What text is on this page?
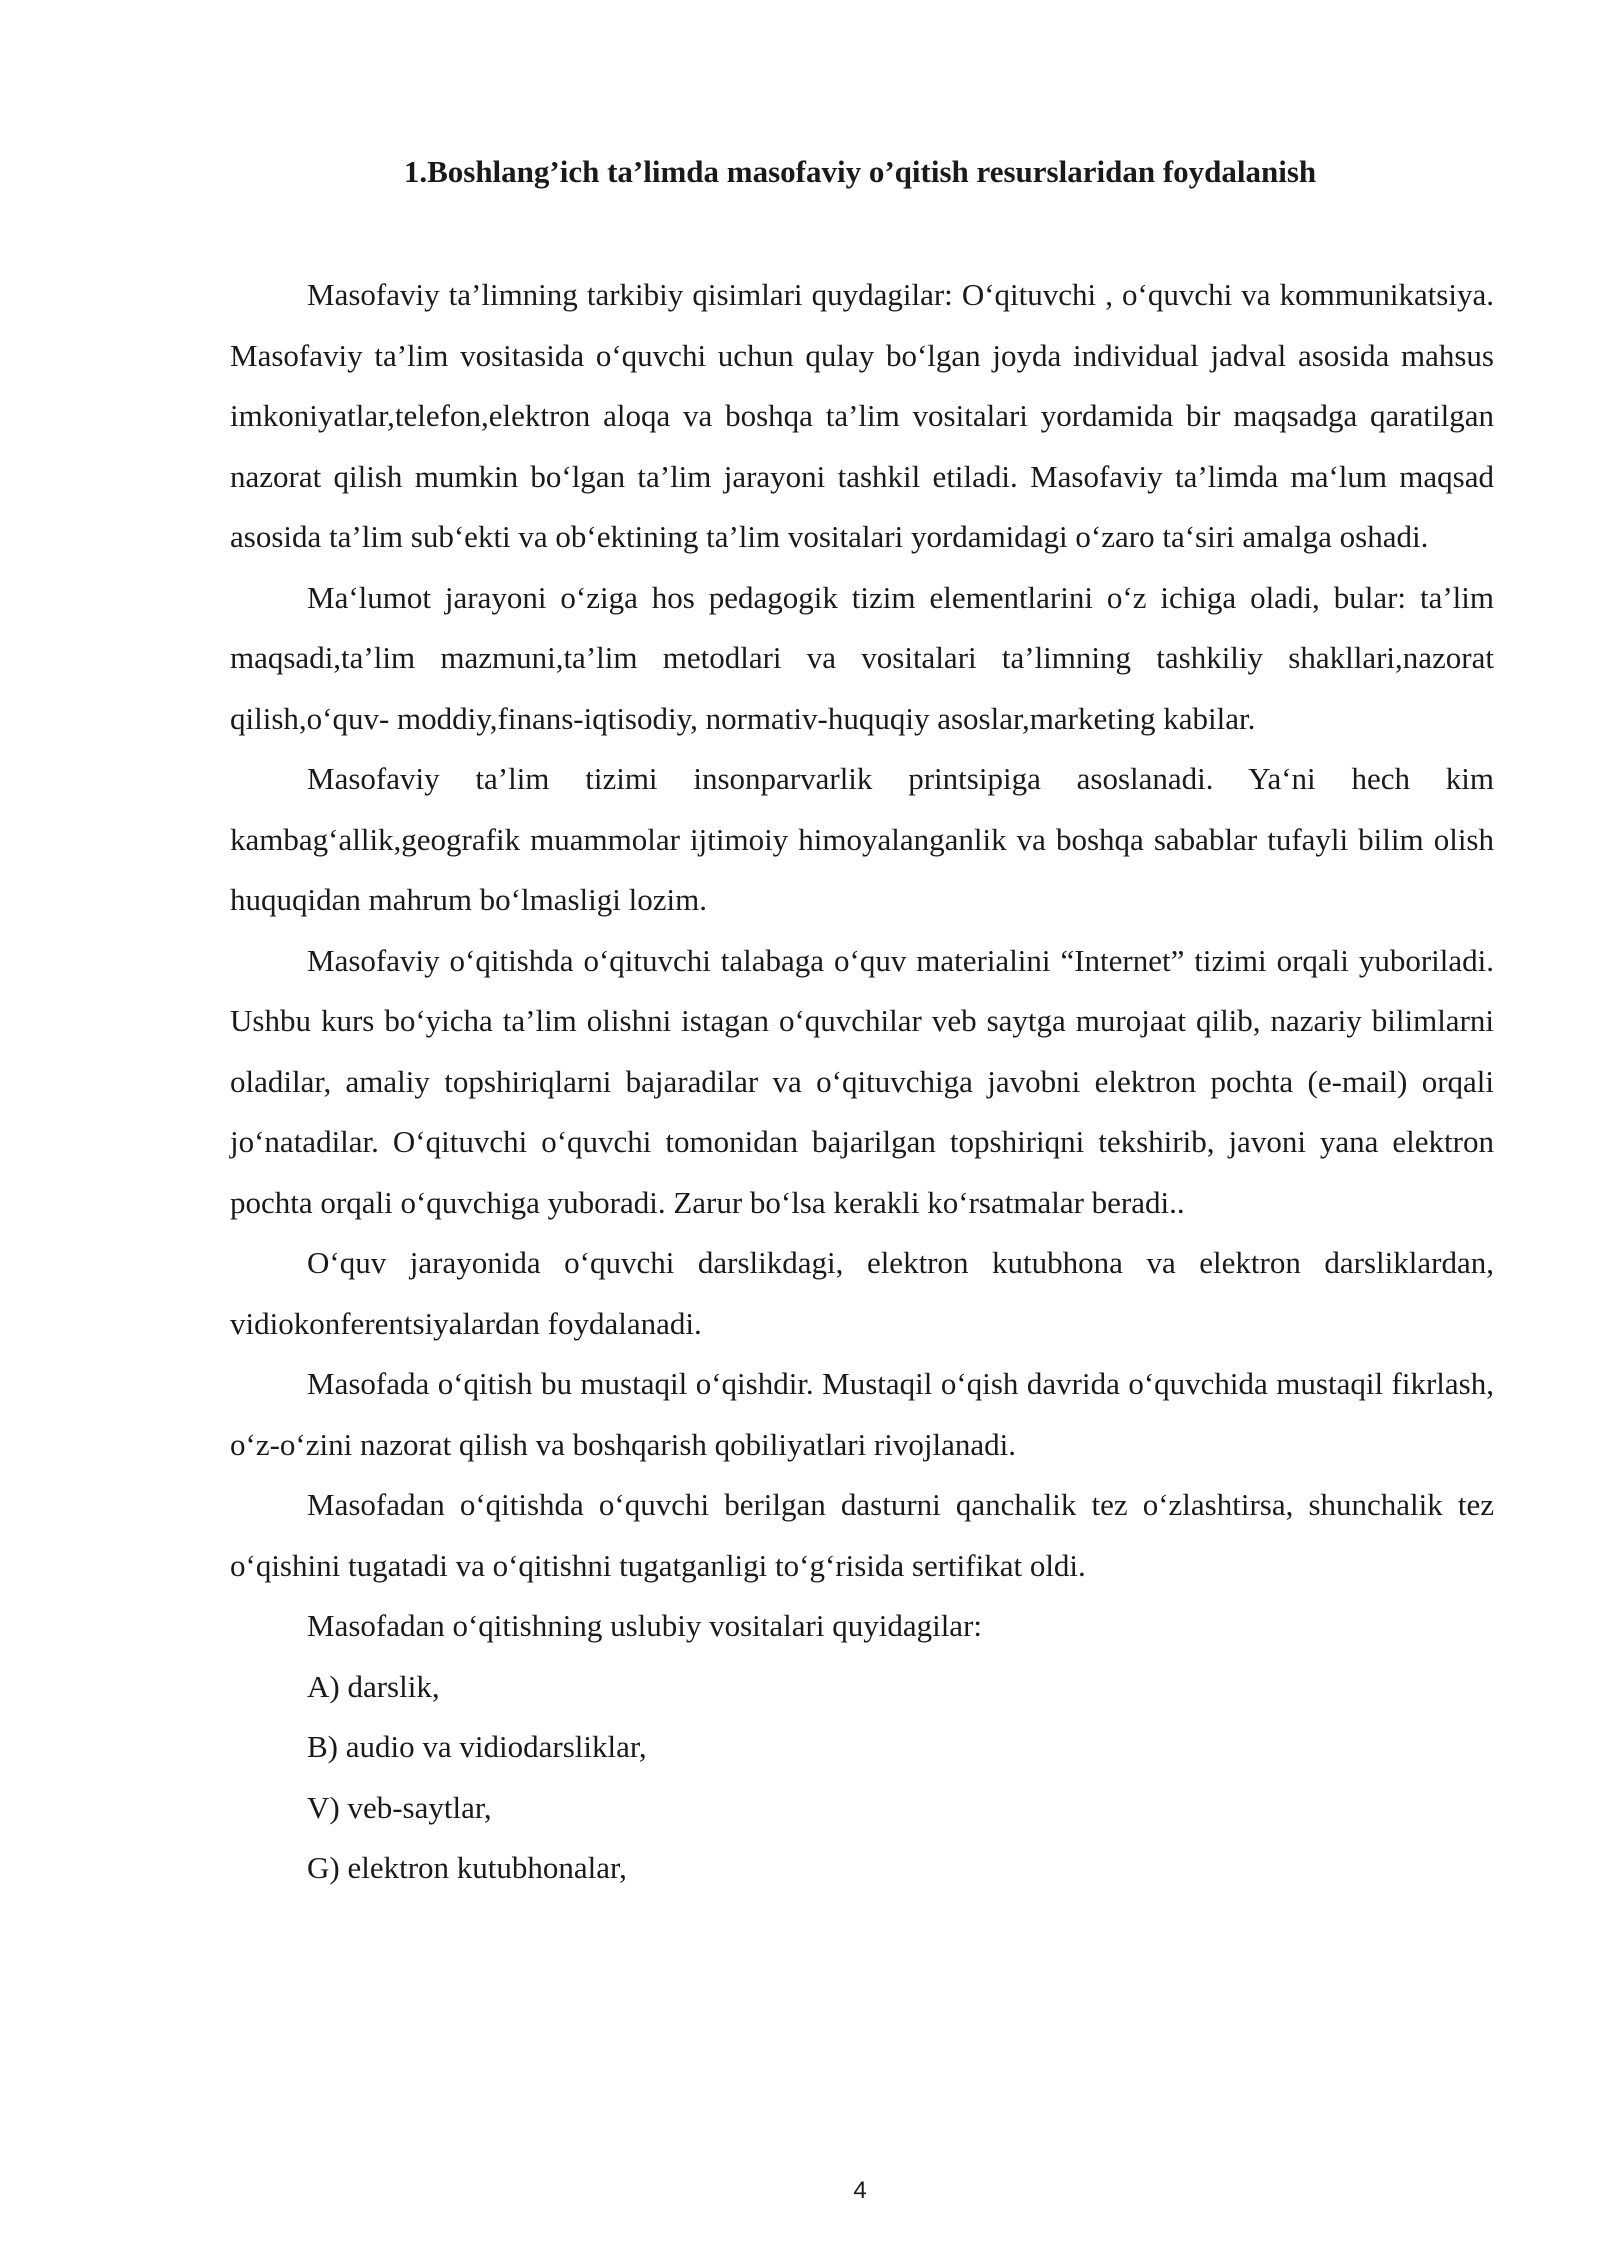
1.Boshlang’ich ta’limda masofaviy o’qitish resurslaridan foydalanish

Masofaviy ta’limning tarkibiy qisimlari quydagilar: O‘qituvchi , o‘quvchi va kommunikatsiya. Masofaviy ta’lim vositasida o‘quvchi uchun qulay bo‘lgan joyda individual jadval asosida mahsus imkoniyatlar,telefon,elektron aloqa va boshqa ta’lim vositalari yordamida bir maqsadga qaratilgan nazorat qilish mumkin bo‘lgan ta’lim jarayoni tashkil etiladi. Masofaviy ta’limda ma‘lum maqsad asosida ta’lim sub‘ekti va ob‘ektining ta’lim vositalari yordamidagi o‘zaro ta‘siri amalga oshadi.

Ma‘lumot jarayoni o‘ziga hos pedagogik tizim elementlarini o‘z ichiga oladi, bular: ta’lim maqsadi,ta’lim mazmuni,ta’lim metodlari va vositalari ta’limning tashkiliy shakllari,nazorat qilish,o‘quv- moddiy,finans-iqtisodiy, normativ-huquqiy asoslar,marketing kabilar.

Masofaviy ta’lim tizimi insonparvarlik printsipiga asoslanadi. Ya‘ni hech kim kambag‘allik,geografik muammolar ijtimoiy himoyalanganlik va boshqa sabablar tufayli bilim olish huquqidan mahrum bo‘lmasligi lozim.

Masofaviy o‘qitishda o‘qituvchi talabaga o‘quv materialini “Internet” tizimi orqali yuboriladi. Ushbu kurs bo‘yicha ta’lim olishni istagan o‘quvchilar veb saytga murojaat qilib, nazariy bilimlarni oladilar, amaliy topshiriqlarni bajaradilar va o‘qituvchiga javobni elektron pochta (e-mail) orqali jo‘natadilar. O‘qituvchi o‘quvchi tomonidan bajarilgan topshiriqni tekshirib, javoni yana elektron pochta orqali o‘quvchiga yuboradi. Zarur bo‘lsa kerakli ko‘rsatmalar beradi..

O‘quv jarayonida o‘quvchi darslikdagi, elektron kutubhona va elektron darsliklardan, vidiokonferentsiyalardan foydalanadi.

Masofada o‘qitish bu mustaqil o‘qishdir. Mustaqil o‘qish davrida o‘quvchida mustaqil fikrlash, o‘z-o‘zini nazorat qilish va boshqarish qobiliyatlari rivojlanadi.

Masofadan o‘qitishda o‘quvchi berilgan dasturni qanchalik tez o‘zlashtirsa, shunchalik tez o‘qishini tugatadi va o‘qitishni tugatganligi to‘g‘risida sertifikat oldi.

Masofadan o‘qitishning uslubiy vositalari quyidagilar:

A) darslik,

B) audio va vidiodarsliklar,

V) veb-saytlar,

G) elektron kutubhonalar,

4
